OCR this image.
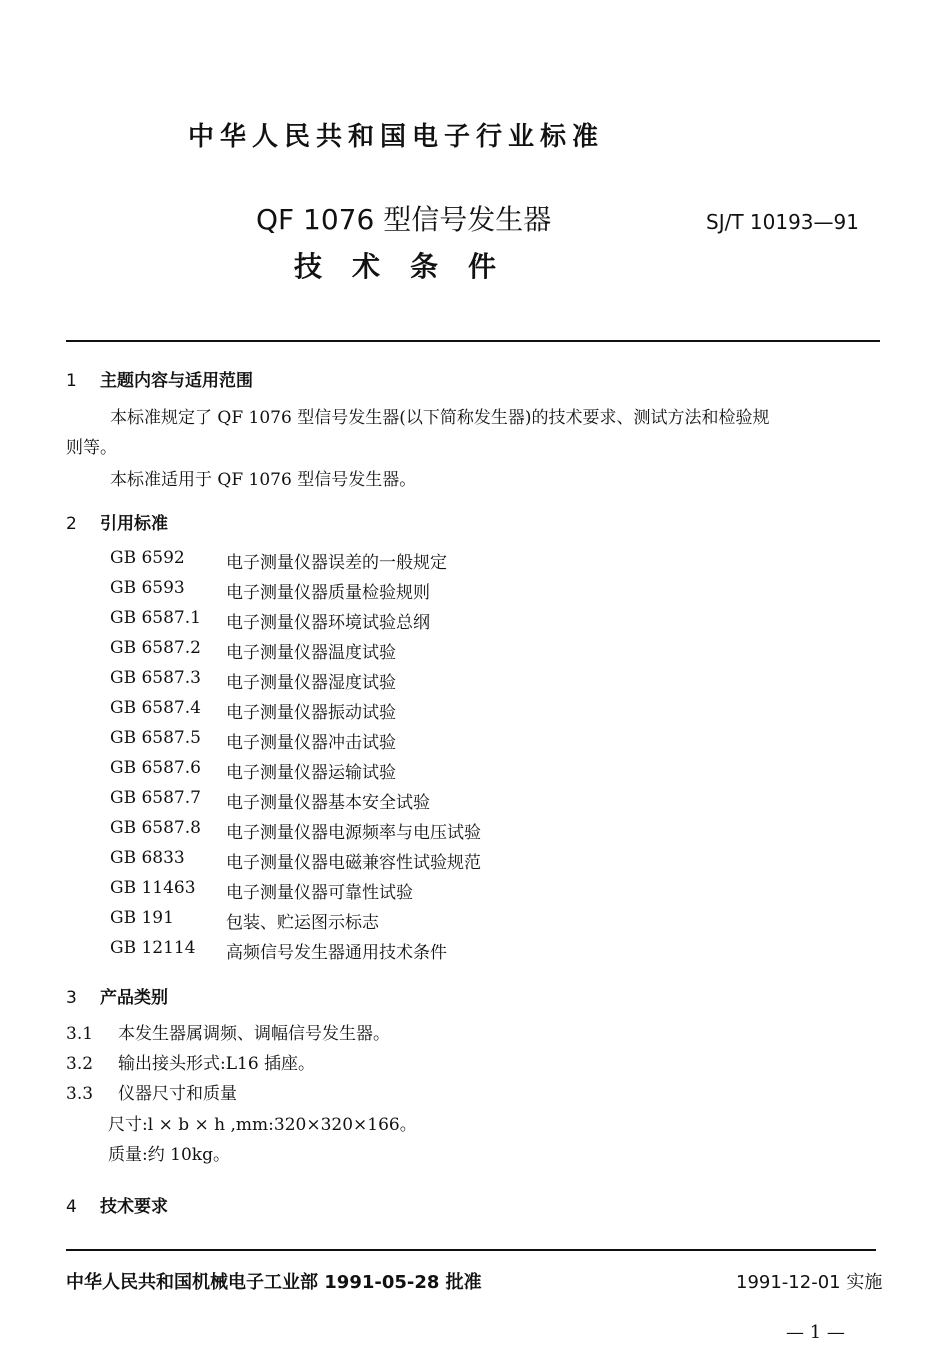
中华人民共和国电子行业标准
QF 1076 型信号发生器
技术条件
SJ/T 10193—91
1 主题内容与适用范围
本标准规定了 QF 1076 型信号发生器(以下简称发生器)的技术要求、测试方法和检验规
则等。
本标准适用于 QF 1076 型信号发生器。
2 引用标准
GB 6592 电子测量仪器误差的一般规定
GB 6593 电子测量仪器质量检验规则
GB 6587.1 电子测量仪器环境试验总纲
GB 6587.2 电子测量仪器温度试验
GB 6587.3 电子测量仪器湿度试验
GB 6587.4 电子测量仪器振动试验
GB 6587.5 电子测量仪器冲击试验
GB 6587.6 电子测量仪器运输试验
GB 6587.7 电子测量仪器基本安全试验
GB 6587.8 电子测量仪器电源频率与电压试验
GB 6833 电子测量仪器电磁兼容性试验规范
GB 11463 电子测量仪器可靠性试验
GB 191	包装、贮运图示标志
GB 12114 高频信号发生器通用技术条件
3 产品类别
3.1 本发生器属调频、调幅信号发生器。
3.2 输出接头形式:L16 插座。
3.3 仪器尺寸和质量
尺寸:l × b × h ,mm:320×320×166。
质量:约 10kg。
4 技术要求
中华人民共和国机械电子工业部 1991-05-28 批准	1991-12-01 实施
— 1 —
